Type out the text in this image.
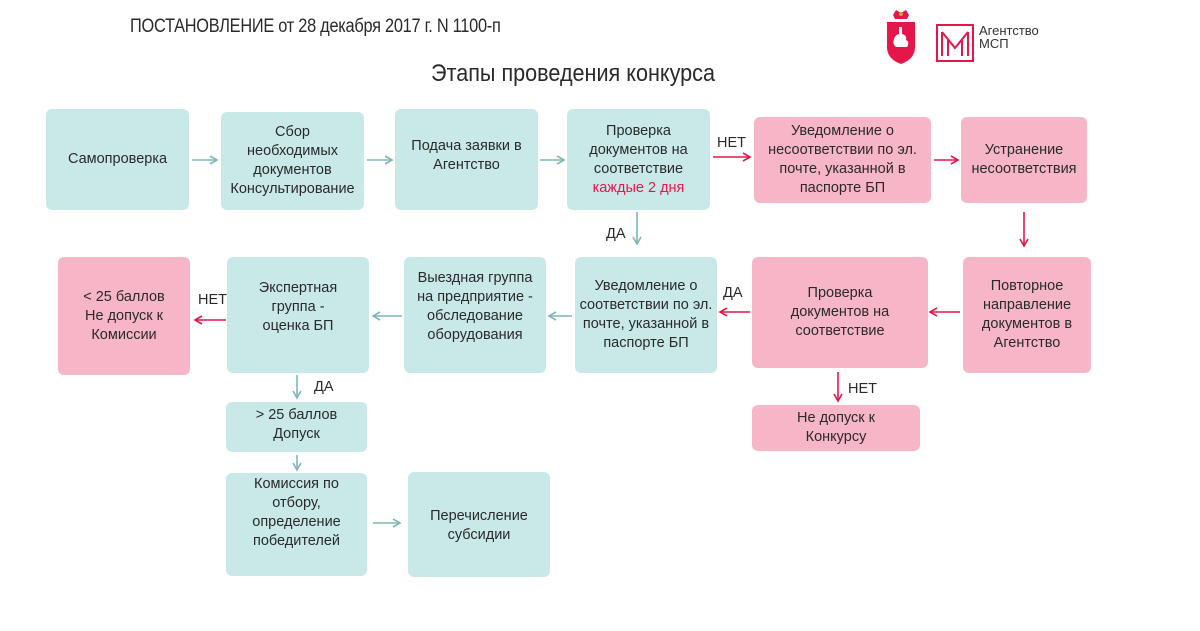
ПОСТАНОВЛЕНИЕ от 28 декабря 2017 г. N 1100-п	Агентство
МСП
Этапы проведения конкурса
Самопроверка
Сбор
необходимых
документов
Консультирование
Подача заявки в
Агентство
Проверка
документов на
соответствие
каждые 2 дня
Уведомление о
несоответствии по эл.
почте, указанной в
паспорте БП
Устранение
несоответствия
< 25 баллов
Не допуск к
Комиссии
Экспертная
группа -
оценка БП
Выездная группа
на предприятие -
обследование
оборудования
Уведомление о
соответствии по эл.
почте, указанной в
паспорте БП
Проверка
документов на
соответствие
Повторное
направление
документов в
Агентство
Не допуск к
Конкурсу
> 25 баллов
Допуск
Комиссия по
отбору,
определение
победителей
Перечисление
субсидии
НЕТ
ДА
ДА
НЕТ
НЕТ
ДА
